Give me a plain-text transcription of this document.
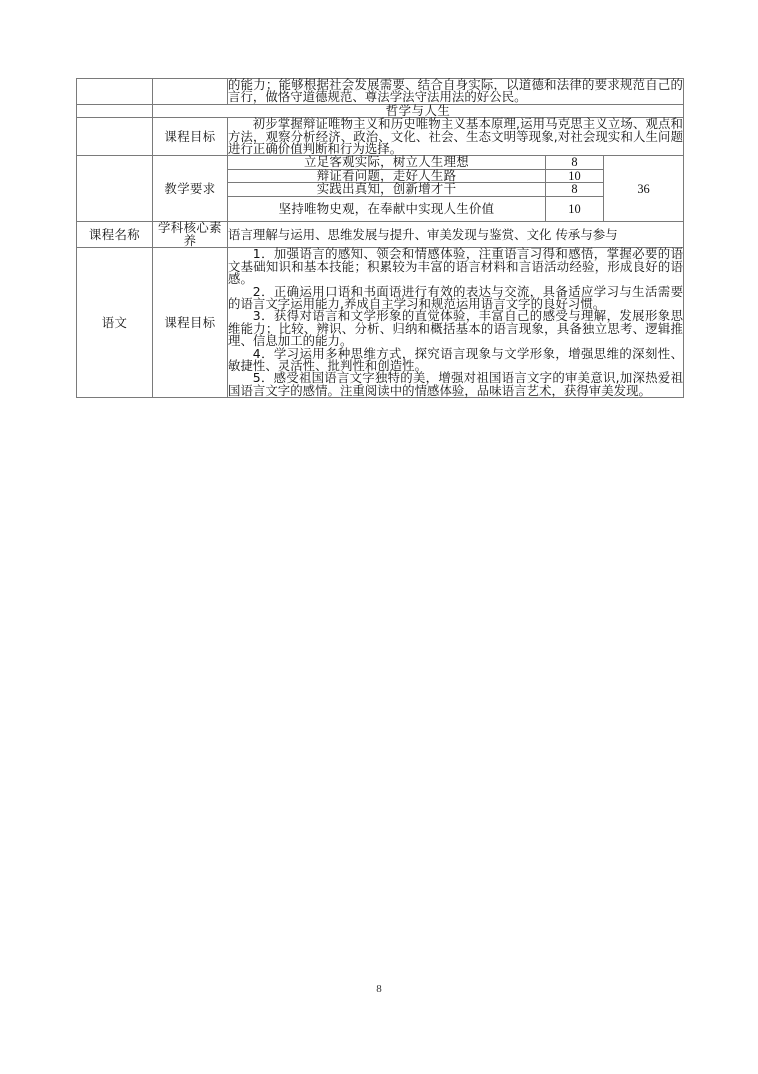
		的能力；能够根据社会发展需要、结合自身实际，以道德和法律的要求规范自己的言行，做恪守道德规范、尊法学法守法用法的好公民。		

	哲学与人生			
	课程目标	初步掌握辩证唯物主义和历史唯物主义基本原理,运用马克思主义立场、观点和方法，观察分析经济、政治、文化、社会、生态文明等现象,对社会现实和人生问题进行正确价值判断和行为选择。		

	教学要求	立足客观实际，树立人生理想	8	36
		辩证看问题，走好人生路	10	
		实践出真知，创新增才干	8	
		坚持唯物史观，在奉献中实现人生价值	10	
课程名称	学科核心素养	语言理解与运用、思维发展与提升、审美发现与鉴赏、文化 传承与参与		

语文	课程目标	1．加强语言的感知、领会和情感体验，注重语言习得和感悟，掌握必要的语文基础知识和基本技能；积累较为丰富的语言材料和言语活动经验，形成良好的语感。

2．正确运用口语和书面语进行有效的表达与交流，具备适应学习与生活需要的语言文字运用能力,养成自主学习和规范运用语言文字的良好习惯。

3．获得对语言和文学形象的直觉体验，丰富自己的感受与理解，发展形象思维能力；比较、辨识、分析、归纳和概括基本的语言现象，具备独立思考、逻辑推理、信息加工的能力。

4．学习运用多种思维方式，探究语言现象与文学形象，增强思维的深刻性、敏捷性、灵活性、批判性和创造性。

5．感受祖国语言文字独特的美，增强对祖国语言文字的审美意识,加深热爱祖国语言文字的感情。注重阅读中的情感体验，品味语言艺术，获得审美发现。		

8
